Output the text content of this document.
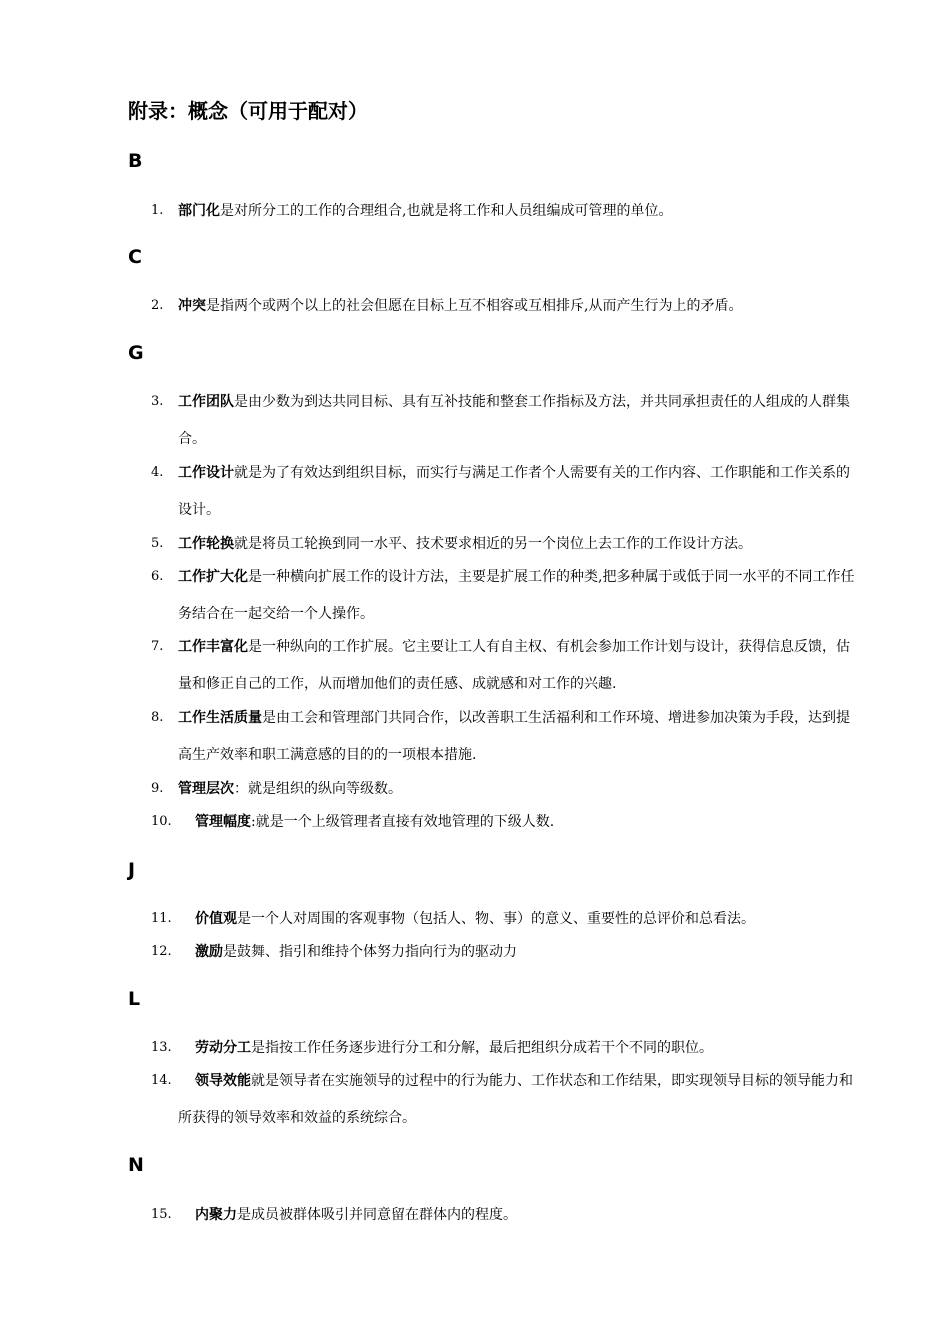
附录：概念（可用于配对）
B
1. 部门化是对所分工的工作的合理组合,也就是将工作和人员组编成可管理的单位。
C
2. 冲突是指两个或两个以上的社会但愿在目标上互不相容或互相排斥,从而产生行为上的矛盾。
G
3. 工作团队是由少数为到达共同目标、具有互补技能和整套工作指标及方法，并共同承担责任的人组成的人群集合。
4. 工作设计就是为了有效达到组织目标，而实行与满足工作者个人需要有关的工作内容、工作职能和工作关系的设计。
5. 工作轮换就是将员工轮换到同一水平、技术要求相近的另一个岗位上去工作的工作设计方法。
6. 工作扩大化是一种横向扩展工作的设计方法，主要是扩展工作的种类,把多种属于或低于同一水平的不同工作任务结合在一起交给一个人操作。
7. 工作丰富化是一种纵向的工作扩展。它主要让工人有自主权、有机会参加工作计划与设计，获得信息反馈，估量和修正自己的工作，从而增加他们的责任感、成就感和对工作的兴趣.
8. 工作生活质量是由工会和管理部门共同合作，以改善职工生活福利和工作环境、增进参加决策为手段，达到提高生产效率和职工满意感的目的的一项根本措施.
9. 管理层次：就是组织的纵向等级数。
10. 管理幅度:就是一个上级管理者直接有效地管理的下级人数.
J
11. 价值观是一个人对周围的客观事物（包括人、物、事）的意义、重要性的总评价和总看法。
12. 激励是鼓舞、指引和维持个体努力指向行为的驱动力
L
13. 劳动分工是指按工作任务逐步进行分工和分解，最后把组织分成若干个不同的职位。
14.	领导效能就是领导者在实施领导的过程中的行为能力、工作状态和工作结果，即实现领导目标的领导能力和所获得的领导效率和效益的系统综合。
N
15. 内聚力是成员被群体吸引并同意留在群体内的程度。
